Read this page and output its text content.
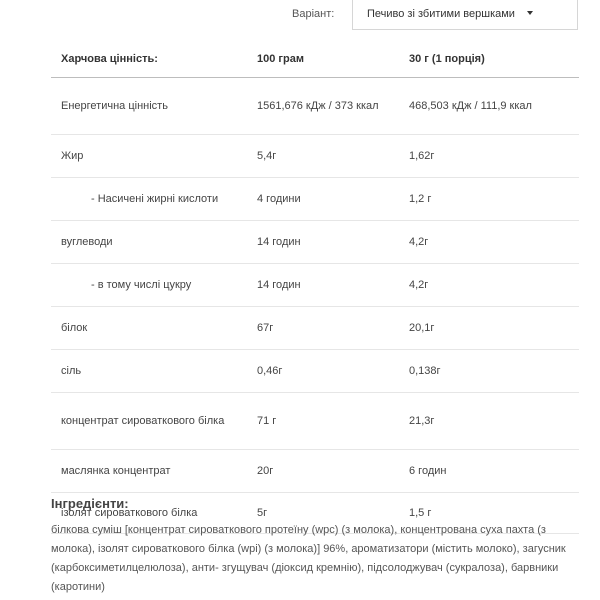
Варіант:	Печиво зі збитими вершками
Харчова цінність:	100 грам	30 г (1 порція)
Енергетична цінність	1561,676 кДж / 373 ккал	468,503 кДж / 111,9 ккал
Жир	5,4г	1,62г
- Насичені жирні кислоти	4 години	1,2 г
вуглеводи	14 годин	4,2г
- в тому числі цукру	14 годин	4,2г
білок	67г	20,1г
сіль	0,46г	0,138г
концентрат сироваткового білка	71 г	21,3г
маслянка концентрат	20г	6 годин
ізолят сироваткового білка	5г	1,5 г
Інгредієнти:

білкова суміш [концентрат сироваткового протеїну (wpc) (з молока), концентрована суха пахта (з молока), ізолят сироваткового білка (wpi) (з молока)] 96%, ароматизатори (містить молоко), загусник (карбоксиметилцелюлоза), анти- згущувач (діоксид кремнію), підсолоджувач (сукралоза), барвники (каротини)
